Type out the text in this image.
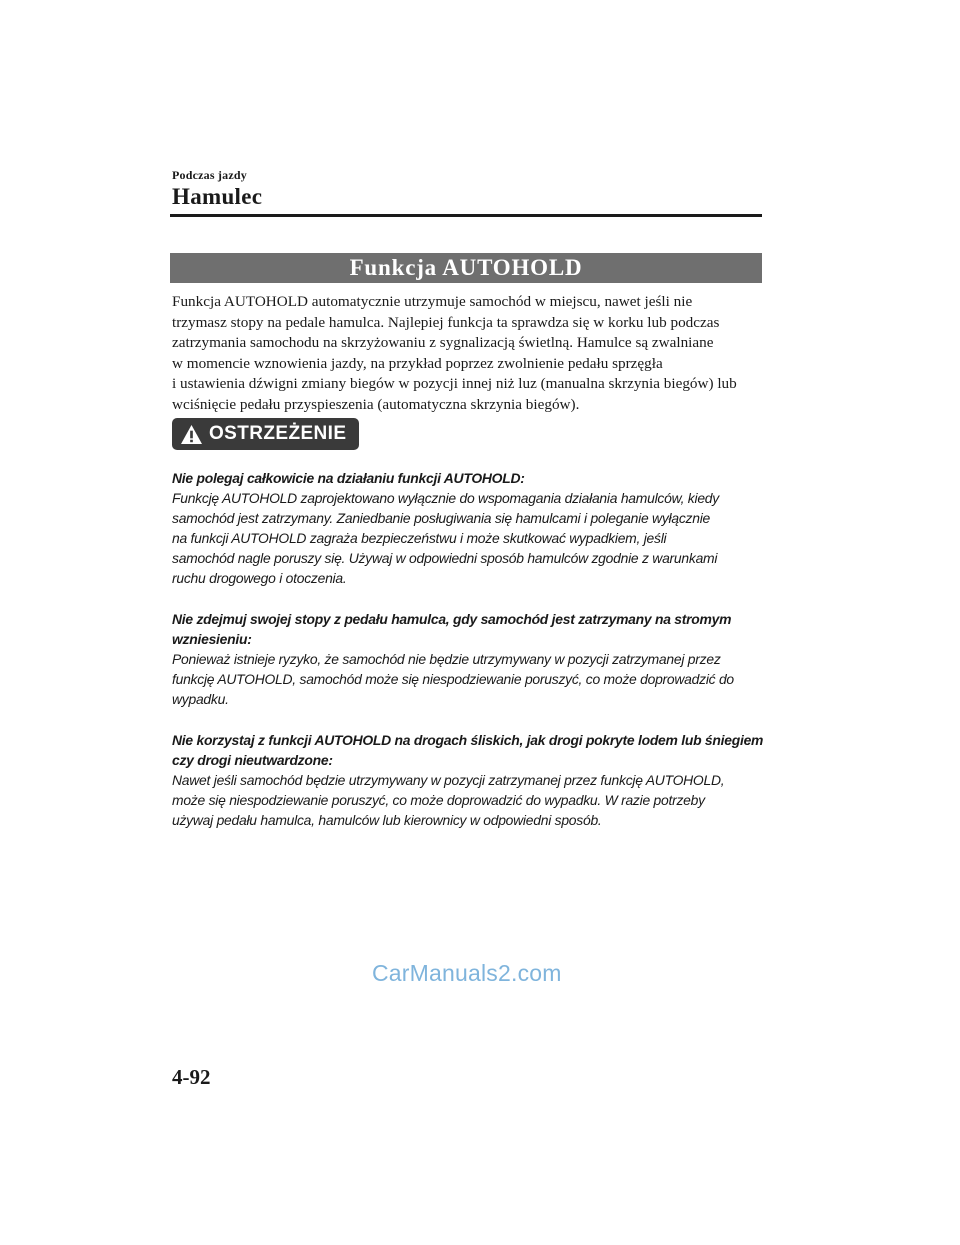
Podczas jazdy
Hamulec
Funkcja AUTOHOLD
Funkcja AUTOHOLD automatycznie utrzymuje samochód w miejscu, nawet jeśli nie
trzymasz stopy na pedale hamulca. Najlepiej funkcja ta sprawdza się w korku lub podczas
zatrzymania samochodu na skrzyżowaniu z sygnalizacją świetlną. Hamulce są zwalniane
w momencie wznowienia jazdy, na przykład poprzez zwolnienie pedału sprzęgła
i ustawienia dźwigni zmiany biegów w pozycji innej niż luz (manualna skrzynia biegów) lub
wciśnięcie pedału przyspieszenia (automatyczna skrzynia biegów).
OSTRZEŻENIE
Nie polegaj całkowicie na działaniu funkcji AUTOHOLD:
Funkcję AUTOHOLD zaprojektowano wyłącznie do wspomagania działania hamulców, kiedy
samochód jest zatrzymany. Zaniedbanie posługiwania się hamulcami i poleganie wyłącznie
na funkcji AUTOHOLD zagraża bezpieczeństwu i może skutkować wypadkiem, jeśli
samochód nagle poruszy się. Używaj w odpowiedni sposób hamulców zgodnie z warunkami
ruchu drogowego i otoczenia.
Nie zdejmuj swojej stopy z pedału hamulca, gdy samochód jest zatrzymany na stromym
wzniesieniu:
Ponieważ istnieje ryzyko, że samochód nie będzie utrzymywany w pozycji zatrzymanej przez
funkcję AUTOHOLD, samochód może się niespodziewanie poruszyć, co może doprowadzić do
wypadku.
Nie korzystaj z funkcji AUTOHOLD na drogach śliskich, jak drogi pokryte lodem lub śniegiem
czy drogi nieutwardzone:
Nawet jeśli samochód będzie utrzymywany w pozycji zatrzymanej przez funkcję AUTOHOLD,
może się niespodziewanie poruszyć, co może doprowadzić do wypadku. W razie potrzeby
używaj pedału hamulca, hamulców lub kierownicy w odpowiedni sposób.
CarManuals2.com
4-92
